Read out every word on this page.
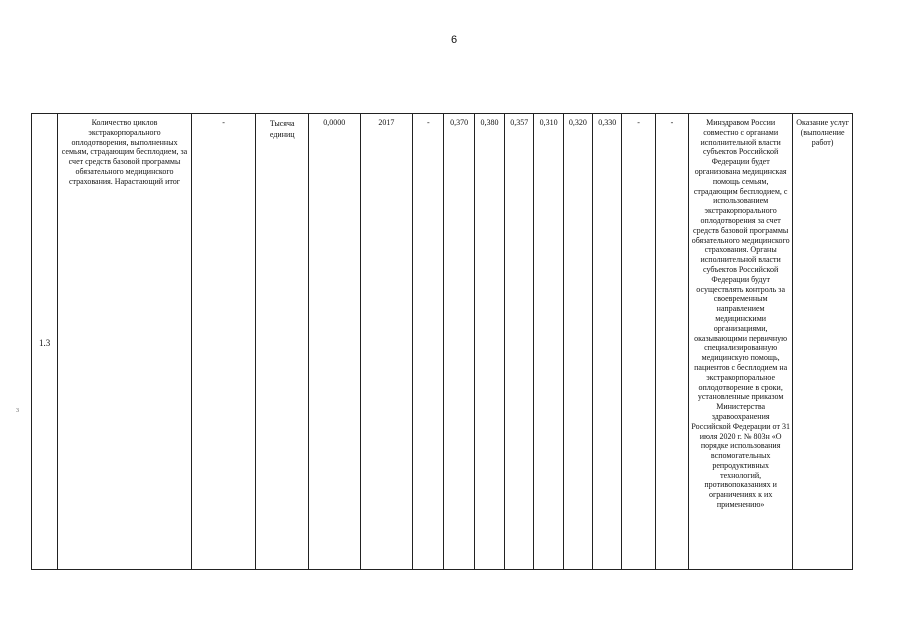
6
3
1.3	Количество циклов экстракорпорального оплодотворения, выполненных семьям, страдающим бесплодием, за счет средств базовой программы обязательного медицинского страхования. Нарастающий итог	-	Тысяча единиц	0,0000	2017	-	0,370	0,380	0,357	0,310	0,320	0,330	-	-	Минздравом России совместно с органами исполнительной власти субъектов Российской Федерации будет организована медицинская помощь семьям, страдающим бесплодием, с использованием экстракорпорального оплодотворения за счет средств базовой программы обязательного медицинского страхования. Органы исполнительной власти субъектов Российской Федерации будут осуществлять контроль за своевременным направлением медицинскими организациями, оказывающими первичную специализированную медицинскую помощь, пациентов с бесплодием на экстракорпоральное оплодотворение в сроки, установленные приказом Министерства здравоохранения Российской Федерации от 31 июля 2020 г. № 803н «О порядке использования вспомогательных репродуктивных технологий, противопоказаниях и ограничениях к их применению»	Оказание услуг (выполнение работ)
